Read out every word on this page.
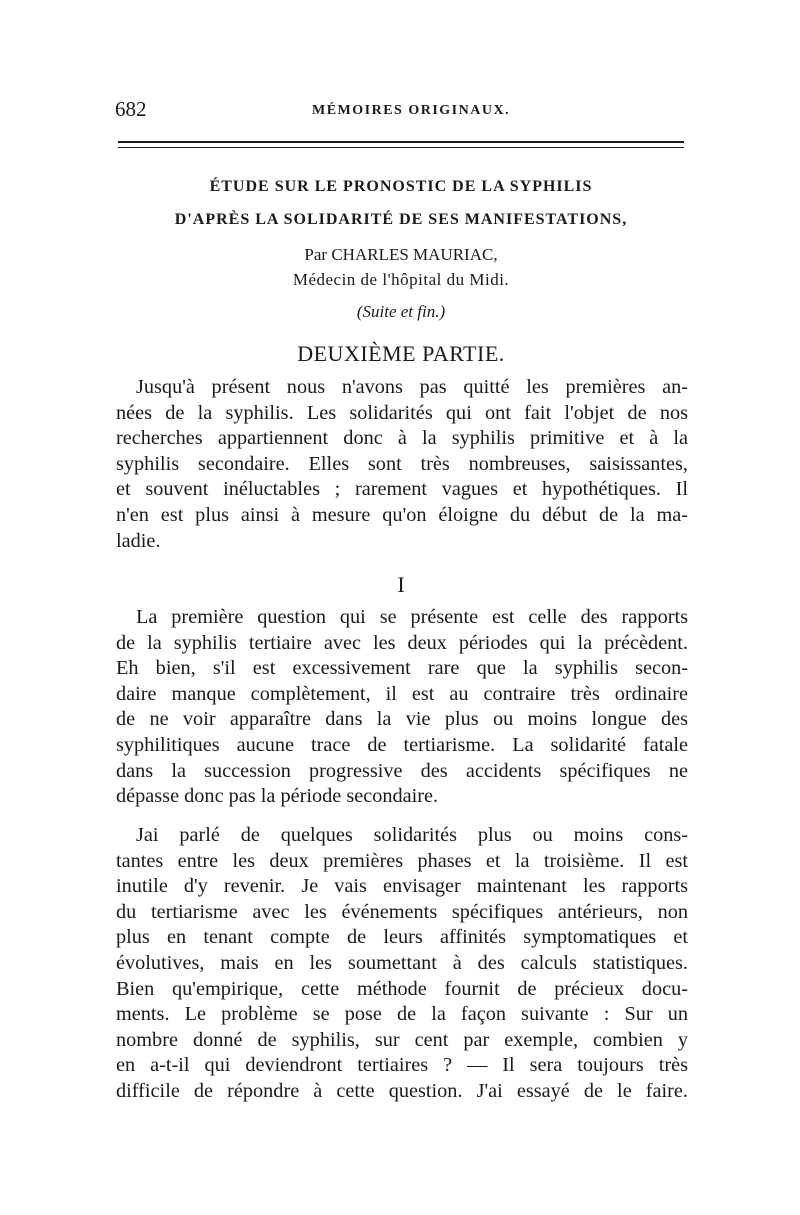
682	MÉMOIRES ORIGINAUX.
ÉTUDE SUR LE PRONOSTIC DE LA SYPHILIS
D'APRÈS LA SOLIDARITÉ DE SES MANIFESTATIONS,
Par CHARLES MAURIAC,
Médecin de l'hôpital du Midi.
(Suite et fin.)
DEUXIÈME PARTIE.
Jusqu'à présent nous n'avons pas quitté les premières an-
nées de la syphilis. Les solidarités qui ont fait l'objet de nos
recherches appartiennent donc à la syphilis primitive et à la
syphilis secondaire. Elles sont très nombreuses, saisissantes,
et souvent inéluctables ; rarement vagues et hypothétiques. Il
n'en est plus ainsi à mesure qu'on éloigne du début de la ma-
ladie.
I
La première question qui se présente est celle des rapports
de la syphilis tertiaire avec les deux périodes qui la précèdent.
Eh bien, s'il est excessivement rare que la syphilis secon-
daire manque complètement, il est au contraire très ordinaire
de ne voir apparaître dans la vie plus ou moins longue des
syphilitiques aucune trace de tertiarisme. La solidarité fatale
dans la succession progressive des accidents spécifiques ne
dépasse donc pas la période secondaire.
Jai parlé de quelques solidarités plus ou moins cons-
tantes entre les deux premières phases et la troisième. Il est
inutile d'y revenir. Je vais envisager maintenant les rapports
du tertiarisme avec les événements spécifiques antérieurs, non
plus en tenant compte de leurs affinités symptomatiques et
évolutives, mais en les soumettant à des calculs statistiques.
Bien qu'empirique, cette méthode fournit de précieux docu-
ments. Le problème se pose de la façon suivante : Sur un
nombre donné de syphilis, sur cent par exemple, combien y
en a-t-il qui deviendront tertiaires ? — Il sera toujours très
difficile de répondre à cette question. J'ai essayé de le faire.
